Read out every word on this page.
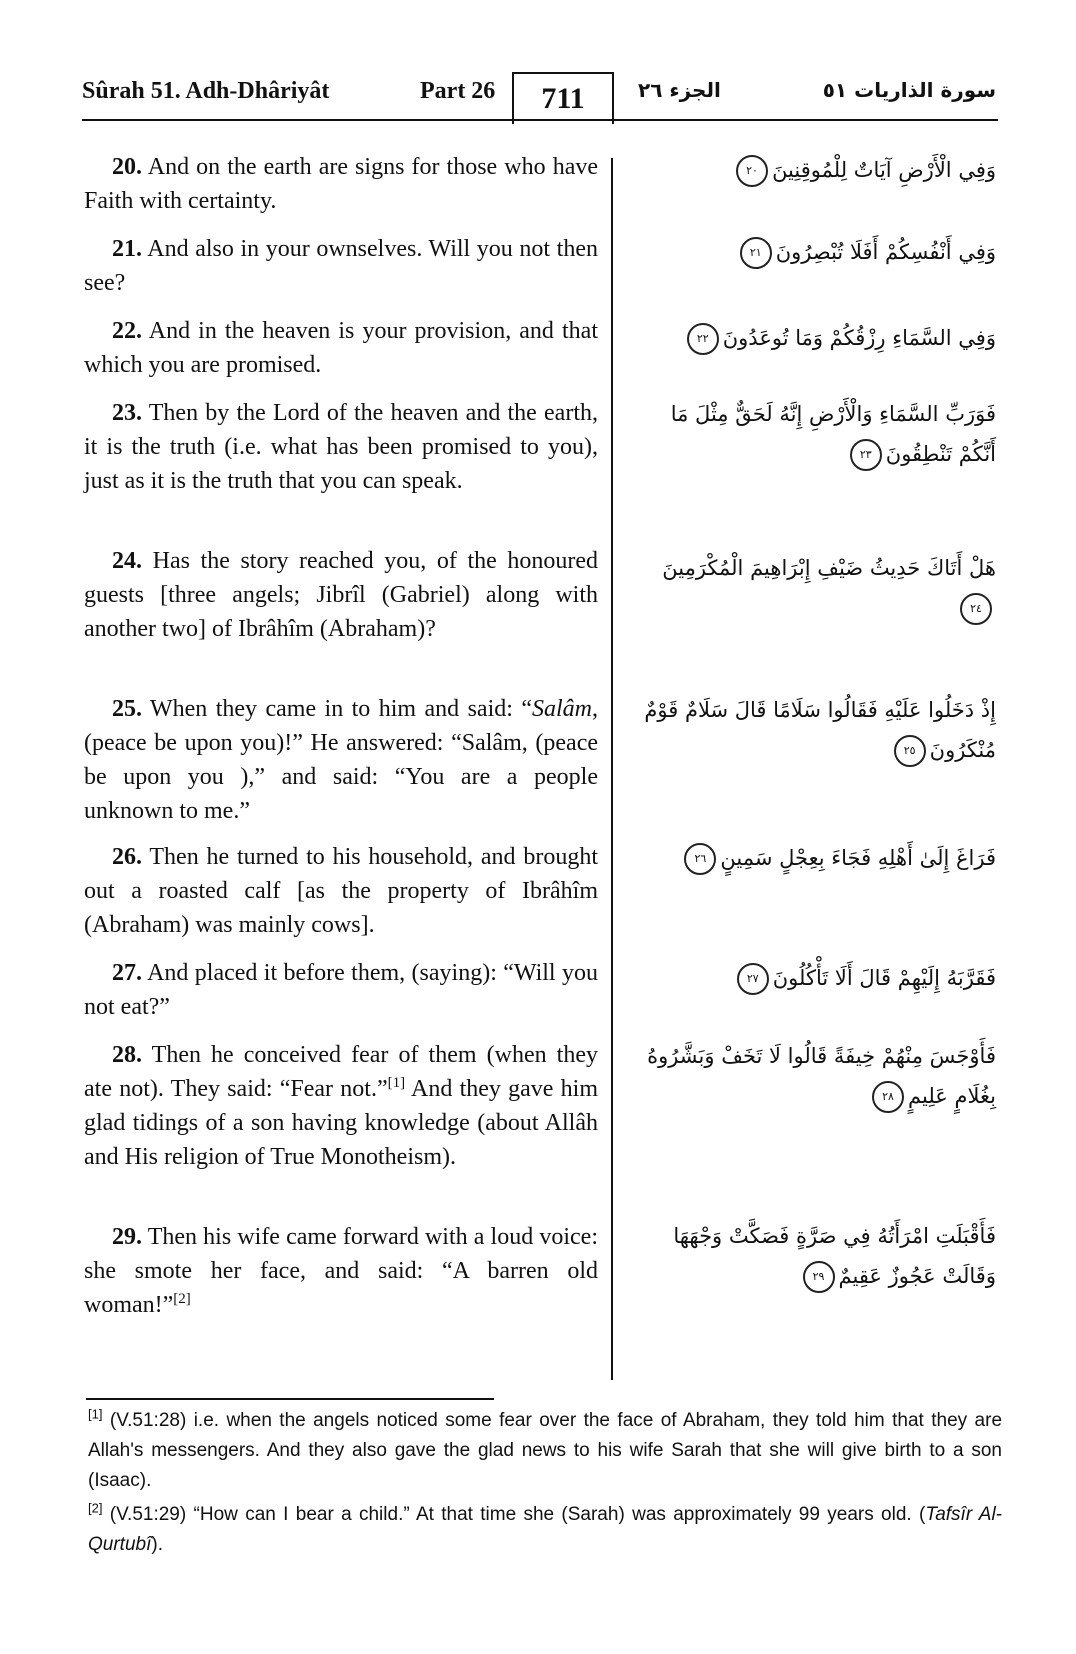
Sûrah 51. Adh-Dhâriyât	Part 26	711	الجزء ٢٦	سورة الذاريات ٥١
20. And on the earth are signs for those who have Faith with certainty.
21. And also in your ownselves. Will you not then see?
22. And in the heaven is your provision, and that which you are promised.
23. Then by the Lord of the heaven and the earth, it is the truth (i.e. what has been promised to you), just as it is the truth that you can speak.
24. Has the story reached you, of the honoured guests [three angels; Jibrîl (Gabriel) along with another two] of Ibrâhîm (Abraham)?
25. When they came in to him and said: “Salâm, (peace be upon you)!” He answered: “Salâm, (peace be upon you ),” and said: “You are a people unknown to me.”
26. Then he turned to his household, and brought out a roasted calf [as the property of Ibrâhîm (Abraham) was mainly cows].
27. And placed it before them, (saying): “Will you not eat?”
28. Then he conceived fear of them (when they ate not). They said: “Fear not.”[1] And they gave him glad tidings of a son having knowledge (about Allâh and His religion of True Monotheism).
29. Then his wife came forward with a loud voice: she smote her face, and said: “A barren old woman!”[2]
وَفِي الْأَرْضِ آيَاتٌ لِلْمُوقِنِينَ٢٠
وَفِي أَنْفُسِكُمْ أَفَلَا تُبْصِرُونَ٢١
وَفِي السَّمَاءِ رِزْقُكُمْ وَمَا تُوعَدُونَ٢٢
فَوَرَبِّ السَّمَاءِ وَالْأَرْضِ إِنَّهُ لَحَقٌّ مِثْلَ مَا أَنَّكُمْ تَنْطِقُونَ٢٣
هَلْ أَتَاكَ حَدِيثُ ضَيْفِ إِبْرَاهِيمَ الْمُكْرَمِينَ٢٤
إِذْ دَخَلُوا عَلَيْهِ فَقَالُوا سَلَامًا قَالَ سَلَامٌ قَوْمٌ مُنْكَرُونَ٢٥
فَرَاغَ إِلَىٰ أَهْلِهِ فَجَاءَ بِعِجْلٍ سَمِينٍ٢٦
فَقَرَّبَهُ إِلَيْهِمْ قَالَ أَلَا تَأْكُلُونَ٢٧
فَأَوْجَسَ مِنْهُمْ خِيفَةً قَالُوا لَا تَخَفْ وَبَشَّرُوهُ بِغُلَامٍ عَلِيمٍ٢٨
فَأَقْبَلَتِ امْرَأَتُهُ فِي صَرَّةٍ فَصَكَّتْ وَجْهَهَا وَقَالَتْ عَجُوزٌ عَقِيمٌ٢٩
[1] (V.51:28) i.e. when the angels noticed some fear over the face of Abraham, they told him that they are Allah's messengers. And they also gave the glad news to his wife Sarah that she will give birth to a son (Isaac).
[2] (V.51:29) “How can I bear a child.” At that time she (Sarah) was approximately 99 years old. (Tafsîr Al-Qurtubî).
